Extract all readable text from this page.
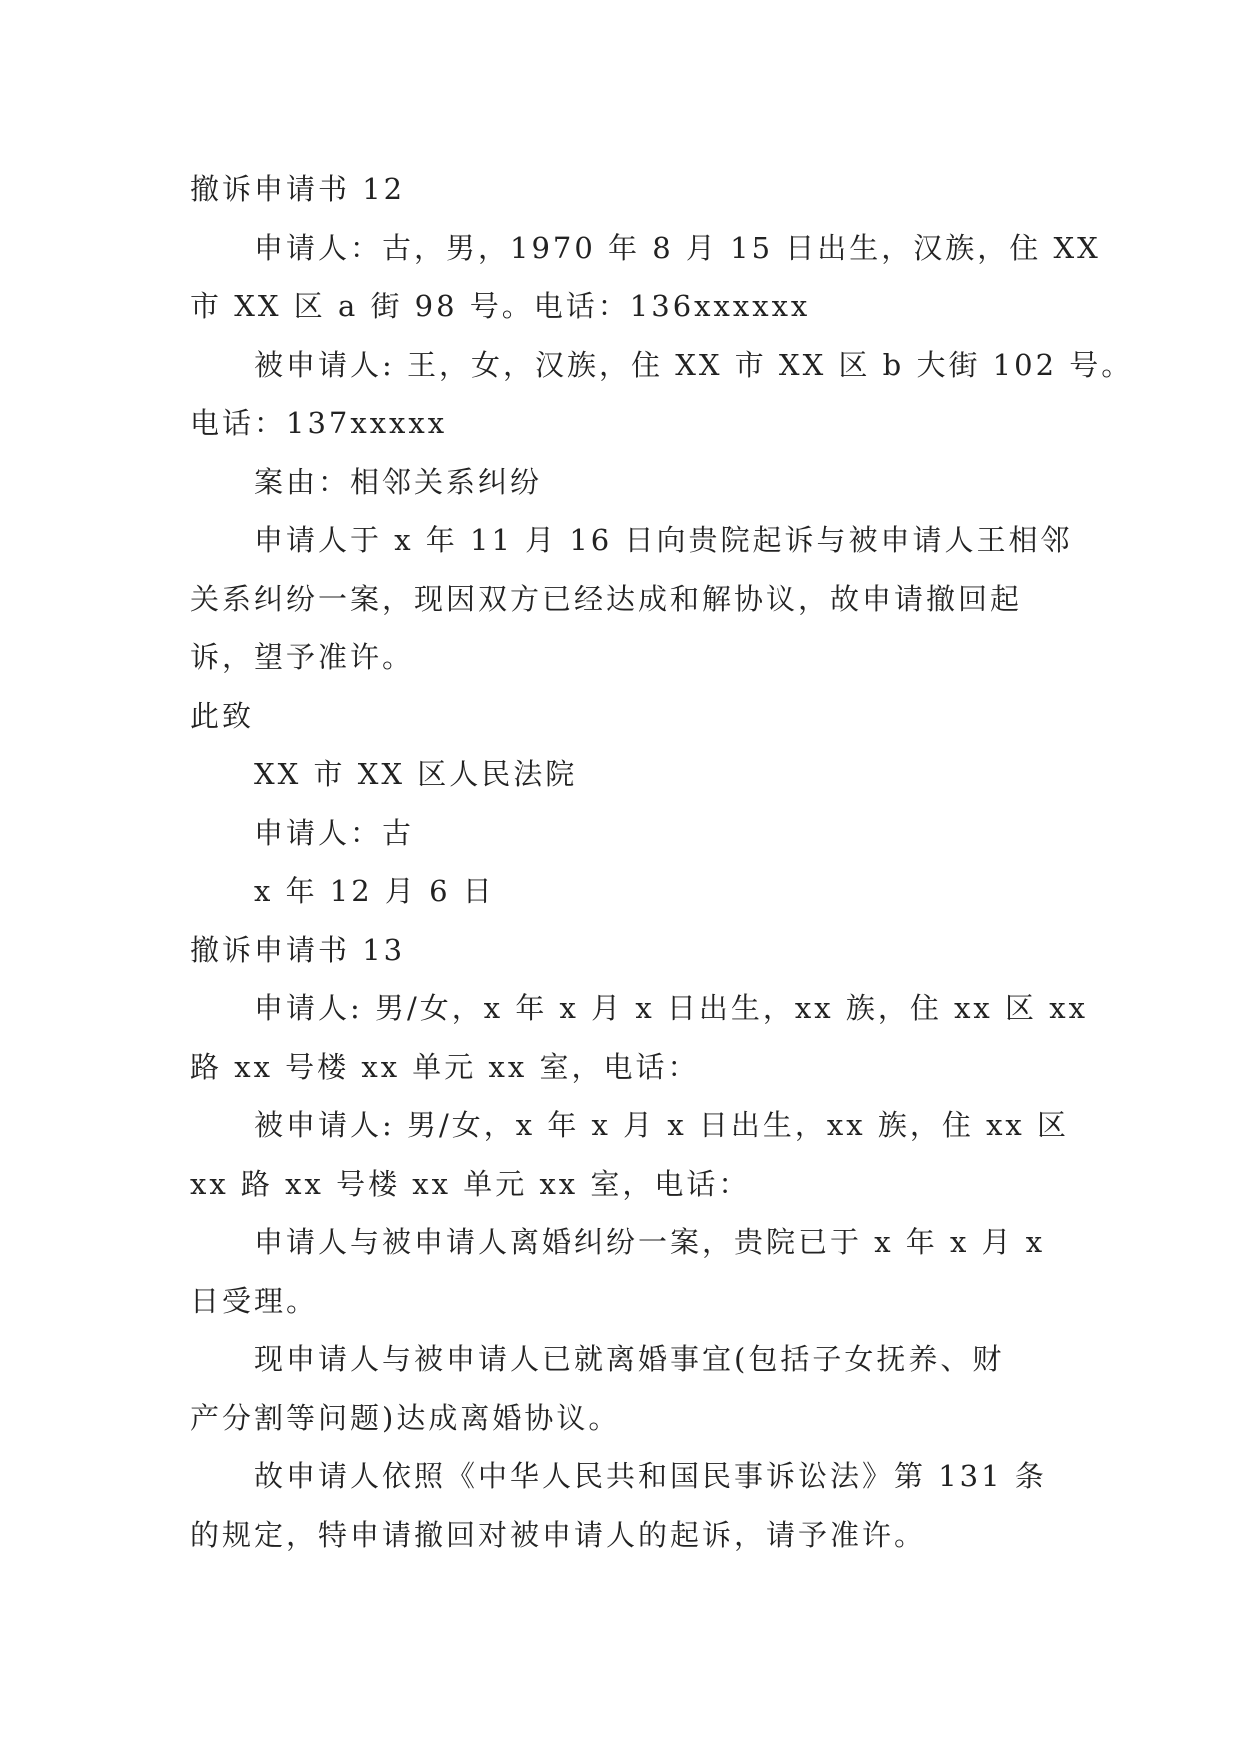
撤诉申请书 12
申请人：古，男，1970 年 8 月 15 日出生，汉族，住 XX
市 XX 区 a 街 98 号。电话：136xxxxxx
被申请人: 王，女，汉族，住 XX 市 XX 区 b 大街 102 号。
电话：137xxxxx
案由：相邻关系纠纷
申请人于 x 年 11 月 16 日向贵院起诉与被申请人王相邻
关系纠纷一案，现因双方已经达成和解协议，故申请撤回起
诉，望予准许。
此致
XX 市 XX 区人民法院
申请人：古
x 年 12 月 6 日
撤诉申请书 13
申请人: 男/女，x 年 x 月 x 日出生，xx 族，住 xx 区 xx
路 xx 号楼 xx 单元 xx 室，电话：
被申请人: 男/女，x 年 x 月 x 日出生，xx 族，住 xx 区
xx 路 xx 号楼 xx 单元 xx 室，电话：
申请人与被申请人离婚纠纷一案，贵院已于 x 年 x 月 x
日受理。
现申请人与被申请人已就离婚事宜(包括子女抚养、财
产分割等问题)达成离婚协议。
故申请人依照《中华人民共和国民事诉讼法》第 131 条
的规定，特申请撤回对被申请人的起诉，请予准许。
